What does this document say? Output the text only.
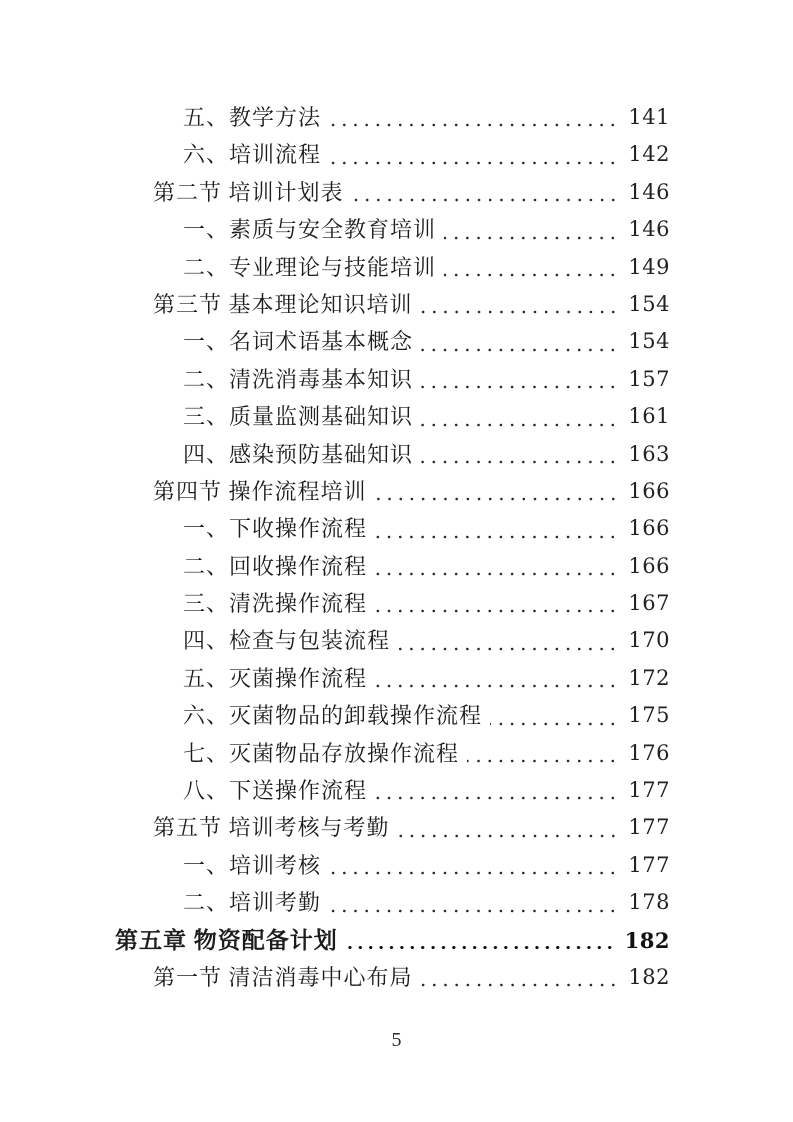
五、教学方法	141
六、培训流程	142
第二节 培训计划表	146
一、素质与安全教育培训	146
二、专业理论与技能培训	149
第三节 基本理论知识培训	154
一、名词术语基本概念	154
二、清洗消毒基本知识	157
三、质量监测基础知识	161
四、感染预防基础知识	163
第四节 操作流程培训	166
一、下收操作流程	166
二、回收操作流程	166
三、清洗操作流程	167
四、检查与包装流程	170
五、灭菌操作流程	172
六、灭菌物品的卸载操作流程	175
七、灭菌物品存放操作流程	176
八、下送操作流程	177
第五节 培训考核与考勤	177
一、培训考核	177
二、培训考勤	178
第五章 物资配备计划	182
第一节 清洁消毒中心布局	182
5
